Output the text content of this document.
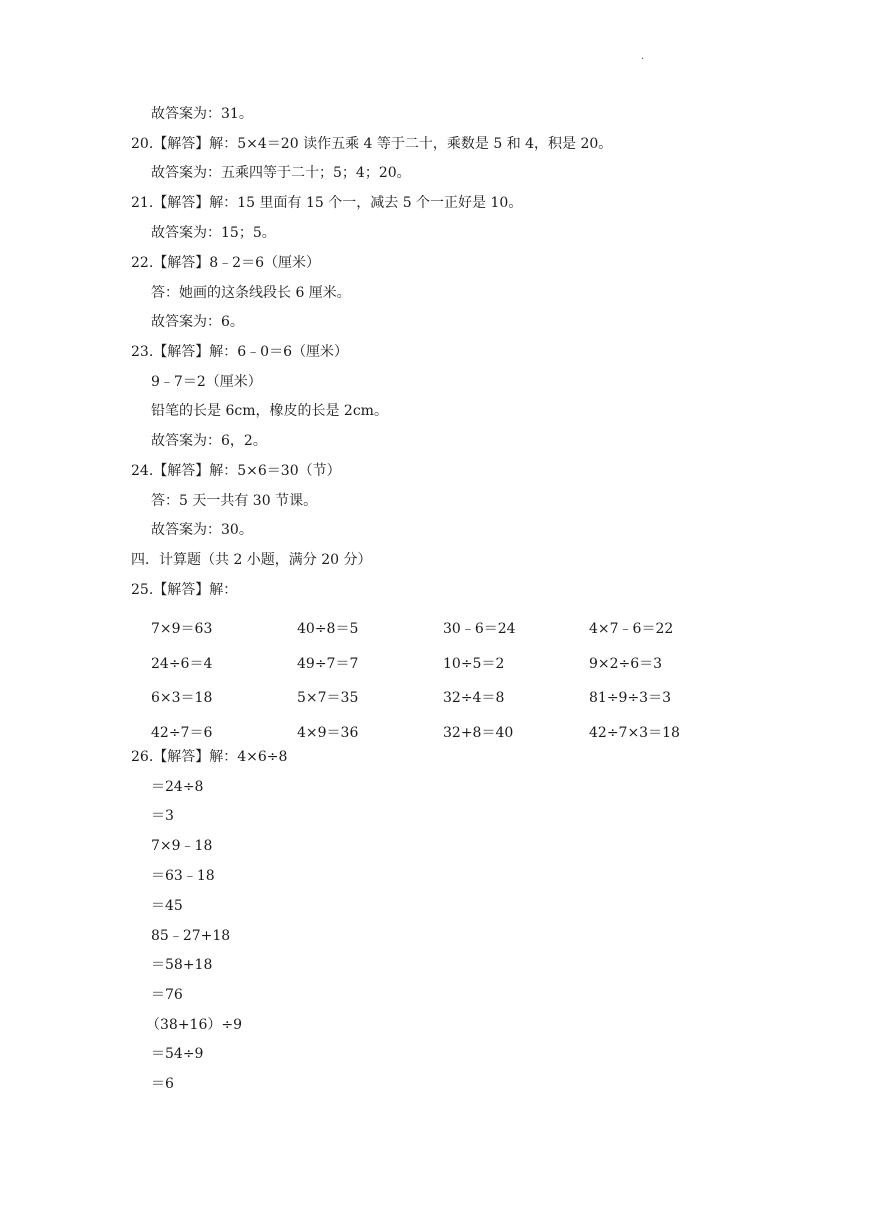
·
故答案为：31。
20.【解答】解：5×4＝20 读作五乘 4 等于二十，乘数是 5 和 4，积是 20。
故答案为：五乘四等于二十；5；4；20。
21.【解答】解：15 里面有 15 个一，减去 5 个一正好是 10。
故答案为：15；5。
22.【解答】8﹣2＝6（厘米）
答：她画的这条线段长 6 厘米。
故答案为：6。
23.【解答】解：6﹣0＝6（厘米）
9﹣7＝2（厘米）
铅笔的长是 6cm，橡皮的长是 2cm。
故答案为：6，2。
24.【解答】解：5×6＝30（节）
答：5 天一共有 30 节课。
故答案为：30。
四．计算题（共 2 小题，满分 20 分）
25.【解答】解：
7×9＝63	40÷8＝5	30﹣6＝24	4×7﹣6＝22
24÷6＝4	49÷7＝7	10÷5＝2	9×2÷6＝3
6×3＝18	5×7＝35	32÷4＝8	81÷9÷3＝3
42÷7＝6	4×9＝36	32+8＝40	42÷7×3＝18
26.【解答】解：4×6÷8
＝24÷8
＝3
7×9﹣18
＝63﹣18
＝45
85﹣27+18
＝58+18
＝76
（38+16）÷9
＝54÷9
＝6
